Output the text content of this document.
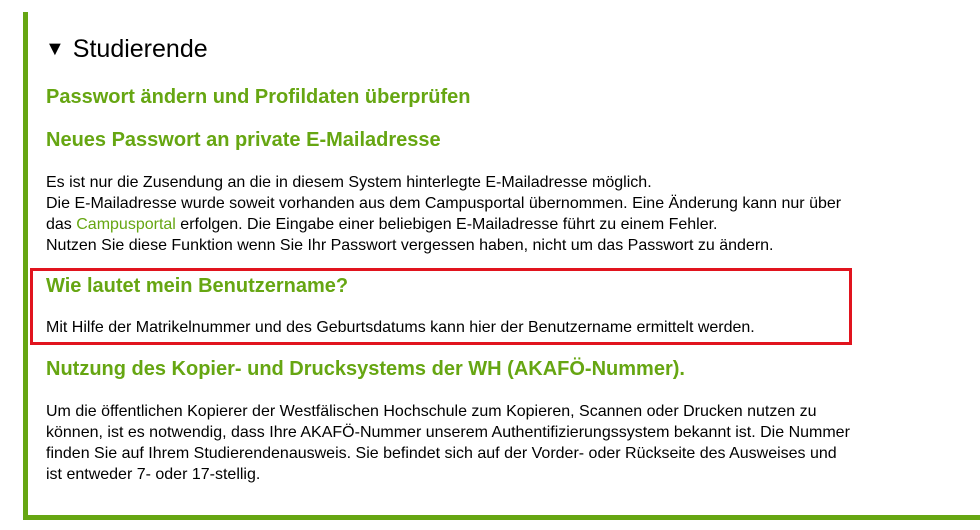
▼ Studierende
Passwort ändern und Profildaten überprüfen
Neues Passwort an private E-Mailadresse

Es ist nur die Zusendung an die in diesem System hinterlegte E-Mailadresse möglich.
Die E-Mailadresse wurde soweit vorhanden aus dem Campusportal übernommen. Eine Änderung kann nur über
das Campusportal erfolgen. Die Eingabe einer beliebigen E-Mailadresse führt zu einem Fehler.
Nutzen Sie diese Funktion wenn Sie Ihr Passwort vergessen haben, nicht um das Passwort zu ändern.

Wie lautet mein Benutzername?

Mit Hilfe der Matrikelnummer und des Geburtsdatums kann hier der Benutzername ermittelt werden.

Nutzung des Kopier- und Drucksystems der WH (AKAFÖ-Nummer).

Um die öffentlichen Kopierer der Westfälischen Hochschule zum Kopieren, Scannen oder Drucken nutzen zu
können, ist es notwendig, dass Ihre AKAFÖ-Nummer unserem Authentifizierungssystem bekannt ist. Die Nummer
finden Sie auf Ihrem Studierendenausweis. Sie befindet sich auf der Vorder- oder Rückseite des Ausweises und
ist entweder 7- oder 17-stellig.
